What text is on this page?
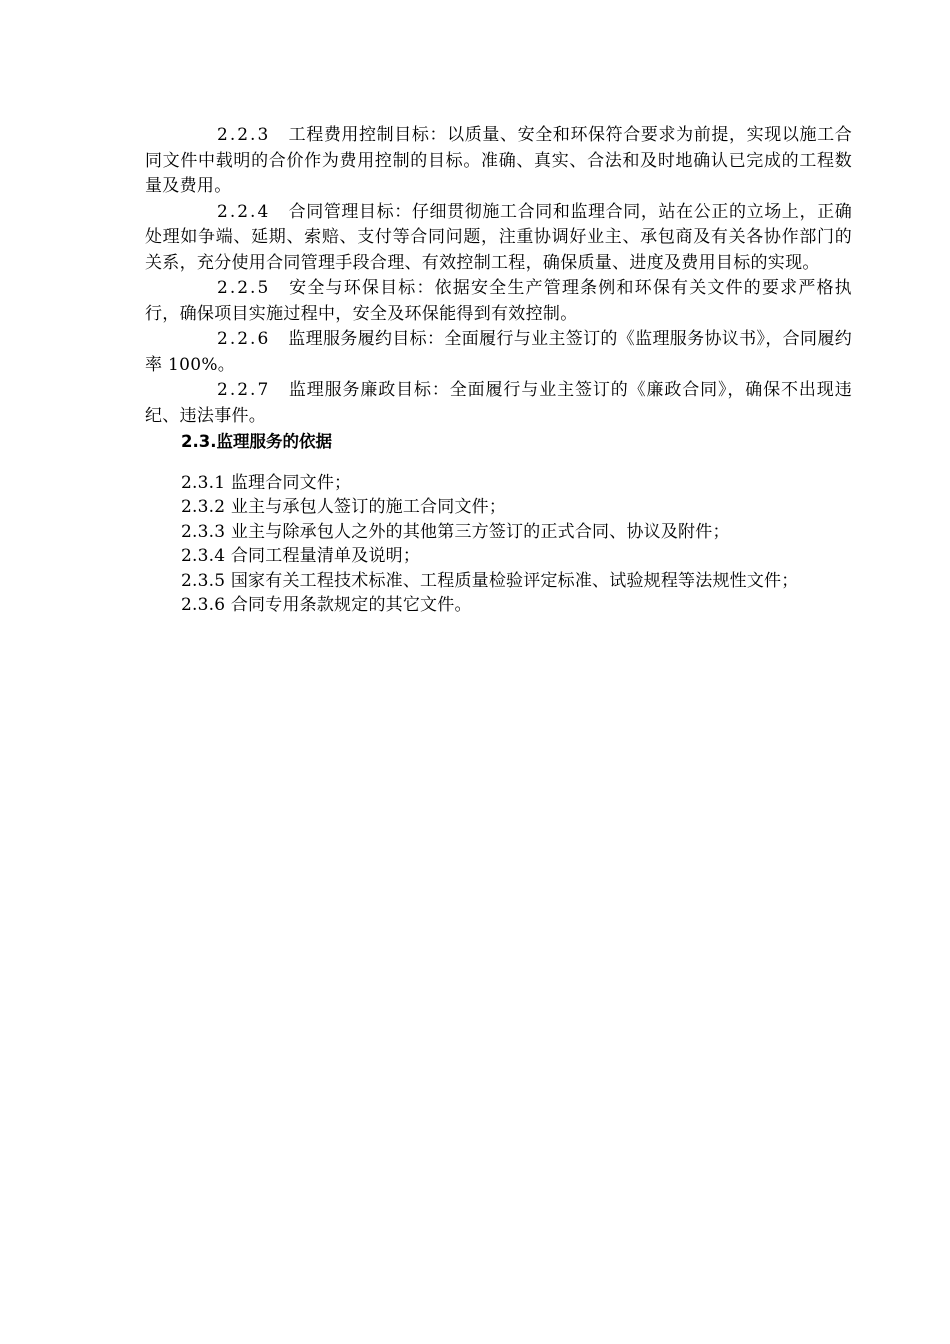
2.2.3 工程费用控制目标：以质量、安全和环保符合要求为前提，实现以施工合同文件中载明的合价作为费用控制的目标。准确、真实、合法和及时地确认已完成的工程数量及费用。

2.2.4 合同管理目标：仔细贯彻施工合同和监理合同，站在公正的立场上，正确处理如争端、延期、索赔、支付等合同问题，注重协调好业主、承包商及有关各协作部门的关系，充分使用合同管理手段合理、有效控制工程，确保质量、进度及费用目标的实现。

2.2.5 安全与环保目标：依据安全生产管理条例和环保有关文件的要求严格执行，确保项目实施过程中，安全及环保能得到有效控制。

2.2.6 监理服务履约目标：全面履行与业主签订的《监理服务协议书》，合同履约率 100%。

2.2.7 监理服务廉政目标：全面履行与业主签订的《廉政合同》，确保不出现违纪、违法事件。

2.3.监理服务的依据

2.3.1 监理合同文件；

2.3.2 业主与承包人签订的施工合同文件；

2.3.3 业主与除承包人之外的其他第三方签订的正式合同、协议及附件；

2.3.4 合同工程量清单及说明；

2.3.5 国家有关工程技术标准、工程质量检验评定标准、试验规程等法规性文件；

2.3.6 合同专用条款规定的其它文件。
